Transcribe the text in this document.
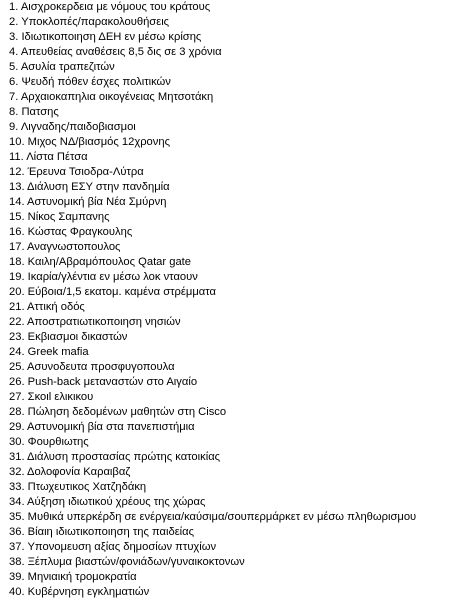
1. Αισχροκερδεια με νόμους του κράτους
2. Υποκλοπές/παρακολουθήσεις
3. Ιδιωτικοποιηση ΔΕΗ εν μέσω κρίσης
4. Απευθείας αναθέσεις 8,5 δις σε 3 χρόνια
5. Ασυλία τραπεζιτών
6. Ψευδή πόθεν έσχες πολιτικών
7. Αρχαιοκαπηλια οικογένειας Μητσοτάκη
8. Πατσης
9. Λιγναδης/παιδοβιασμοι
10. Μιχος ΝΔ/βιασμός 12χρονης
11. Λίστα Πέτσα
12. Έρευνα Τσιοδρα-Λύτρα
13. Διάλυση ΕΣΥ στην πανδημία
14. Αστυνομική βία Νέα Σμύρνη
15. Νίκος Σαμπανης
16. Κώστας Φραγκουλης
17. Αναγνωστοπουλος
18. Καιλη/Αβραμόπουλος Qatar gate
19. Ικαρία/γλέντια εν μέσω λοκ νταουν
20. Εύβοια/1,5 εκατομ. καμένα στρέμματα
21. Αττική οδός
22. Αποστρατιωτικοποιηση νησιών
23. Εκβιασμοι δικαστών
24. Greek mafia
25. Ασυνοδευτα προσφυγοπουλα
26. Push-back μεταναστών στο Αιγαίο
27. Σκοιl ελικικου
28. Πώληση δεδομένων μαθητών στη Cisco
29. Αστυνομική βία στα πανεπιστήμια
30. Φουρθιωτης
31. Διάλυση προστασίας πρώτης κατοικίας
32. Δολοφονία Καραιβαζ
33. Πτωχευτικος Χατζηδάκη
34. Αύξηση ιδιωτικού χρέους της χώρας
35. Μυθικά υπερκέρδη σε ενέργεια/καύσιμα/σουπερμάρκετ εν μέσω πληθωρισμου
36. Βίαιη ιδιωτικοποιηση της παιδείας
37. Υπονομευση αξίας δημοσίων πτυχίων
38. Ξέπλυμα βιαστών/φονιάδων/γυναικοκτονων
39. Μηνιαική τρομοκρατία
40. Κυβέρνηση εγκληματιών
